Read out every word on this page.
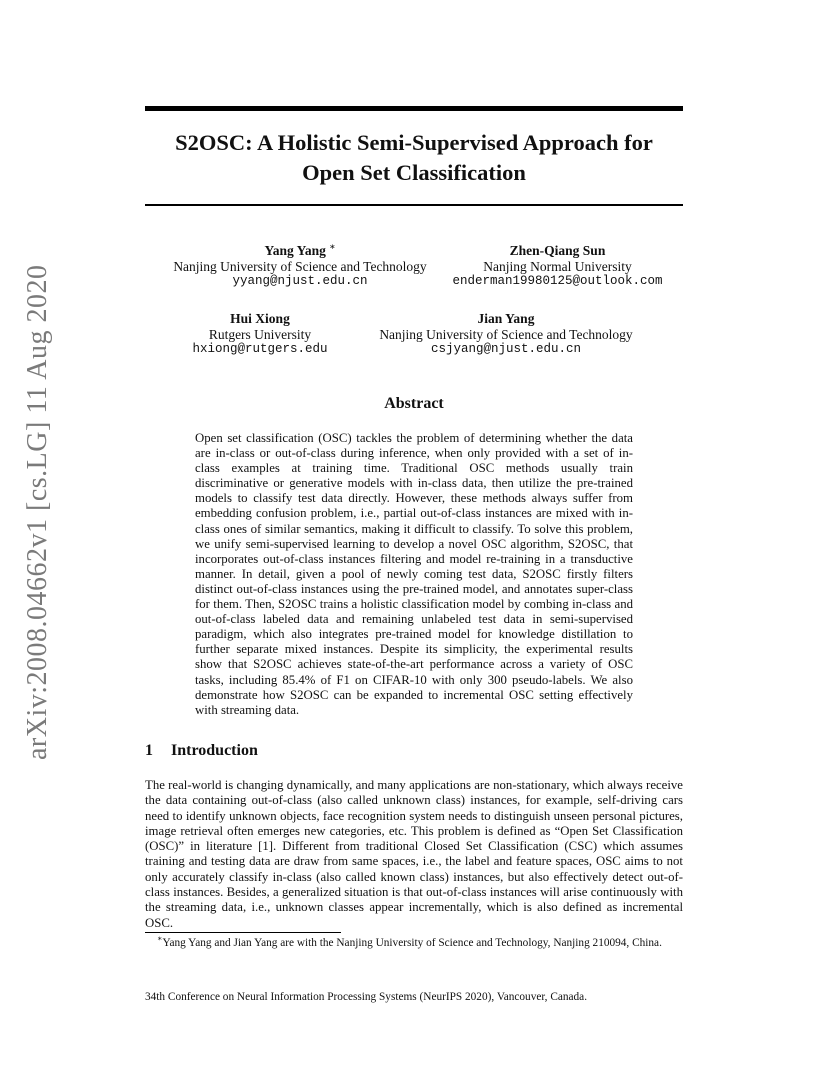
arXiv:2008.04662v1 [cs.LG] 11 Aug 2020
S2OSC: A Holistic Semi-Supervised Approach for
Open Set Classification
Yang Yang ∗
Nanjing University of Science and Technology
yyang@njust.edu.cn
Zhen-Qiang Sun
Nanjing Normal University
enderman19980125@outlook.com
Hui Xiong
Rutgers University
hxiong@rutgers.edu
Jian Yang
Nanjing University of Science and Technology
csjyang@njust.edu.cn
Abstract
Open set classification (OSC) tackles the problem of determining whether the data are in-class or out-of-class during inference, when only provided with a set of in-class examples at training time. Traditional OSC methods usually train discriminative or generative models with in-class data, then utilize the pre-trained models to classify test data directly. However, these methods always suffer from embedding confusion problem, i.e., partial out-of-class instances are mixed with in-class ones of similar semantics, making it difficult to classify. To solve this problem, we unify semi-supervised learning to develop a novel OSC algorithm, S2OSC, that incorporates out-of-class instances filtering and model re-training in a transductive manner. In detail, given a pool of newly coming test data, S2OSC firstly filters distinct out-of-class instances using the pre-trained model, and annotates super-class for them. Then, S2OSC trains a holistic classification model by combing in-class and out-of-class labeled data and remaining unlabeled test data in semi-supervised paradigm, which also integrates pre-trained model for knowledge distillation to further separate mixed instances. Despite its simplicity, the experimental results show that S2OSC achieves state-of-the-art performance across a variety of OSC tasks, including 85.4% of F1 on CIFAR-10 with only 300 pseudo-labels. We also demonstrate how S2OSC can be expanded to incremental OSC setting effectively with streaming data.
1 Introduction
The real-world is changing dynamically, and many applications are non-stationary, which always receive the data containing out-of-class (also called unknown class) instances, for example, self-driving cars need to identify unknown objects, face recognition system needs to distinguish unseen personal pictures, image retrieval often emerges new categories, etc. This problem is defined as “Open Set Classification (OSC)” in literature [1]. Different from traditional Closed Set Classification (CSC) which assumes training and testing data are draw from same spaces, i.e., the label and feature spaces, OSC aims to not only accurately classify in-class (also called known class) instances, but also effectively detect out-of-class instances. Besides, a generalized situation is that out-of-class instances will arise continuously with the streaming data, i.e., unknown classes appear incrementally, which is also defined as incremental OSC.
∗Yang Yang and Jian Yang are with the Nanjing University of Science and Technology, Nanjing 210094, China.
34th Conference on Neural Information Processing Systems (NeurIPS 2020), Vancouver, Canada.
